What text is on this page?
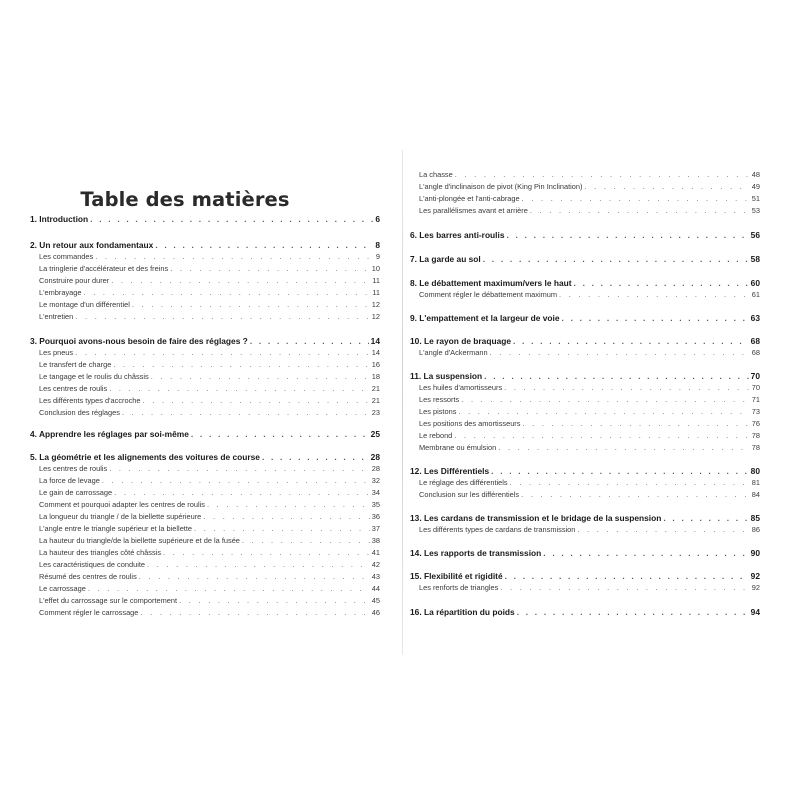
Table des matières
1. Introduction . . .	6
2. Un retour aux fondamentaux . . .	8
Les commandes . . .	9
La tringlerie d'accélérateur et des freins . . .	10
Construire pour durer . . .	11
L'embrayage . . .	11
Le montage d'un différentiel . . .	12
L'entretien . . .	12
3. Pourquoi avons-nous besoin de faire des réglages ? . . .	14
Les pneus . . .	14
Le transfert de charge . . .	16
Le tangage et le roulis du châssis . . .	18
Les centres de roulis . . .	21
Les différents types d'accroche . . .	21
Conclusion des réglages . . .	23
4. Apprendre les réglages par soi-même . . .	25
5. La géométrie et les alignements des voitures de course . . .	28
Les centres de roulis . . .	28
La force de levage . . .	32
Le gain de carrossage . . .	34
Comment et pourquoi adapter les centres de roulis . . .	35
La longueur du triangle / de la biellette supérieure . . .	36
L'angle entre le triangle supérieur et la biellette . . .	37
La hauteur du triangle/de la biellette supérieure et de la fusée . . .	38
La hauteur des triangles côté châssis . . .	41
Les caractéristiques de conduite . . .	42
Résumé des centres de roulis . . .	43
Le carrossage . . .	44
L'effet du carrossage sur le comportement . . .	45
Comment régler le carrossage . . .	46
La chasse . . .	48
L'angle d'inclinaison de pivot (King Pin Inclination) . . .	49
L'anti-plongée et l'anti-cabrage . . .	51
Les parallélismes avant et arrière . . .	53
6. Les barres anti-roulis . . .	56
7. La garde au sol . . .	58
8. Le débattement maximum/vers le haut . . .	60
Comment régler le débattement maximum . . .	61
9. L'empattement et la largeur de voie . . .	63
10. Le rayon de braquage . . .	68
L'angle d'Ackermann . . .	68
11. La suspension . . .	70
Les huiles d'amortisseurs . . .	70
Les ressorts . . .	71
Les pistons . . .	73
Les positions des amortisseurs . . .	76
Le rebond . . .	78
Membrane ou émulsion . . .	78
12. Les Différentiels . . .	80
Le réglage des différentiels . . .	81
Conclusion sur les différentiels . . .	84
13. Les cardans de transmission et le bridage de la suspension . . .	85
Les différents types de cardans de transmission . . .	86
14. Les rapports de transmission . . .	90
15. Flexibilité et rigidité . . .	92
Les renforts de triangles . . .	92
16. La répartition du poids . . .	94
